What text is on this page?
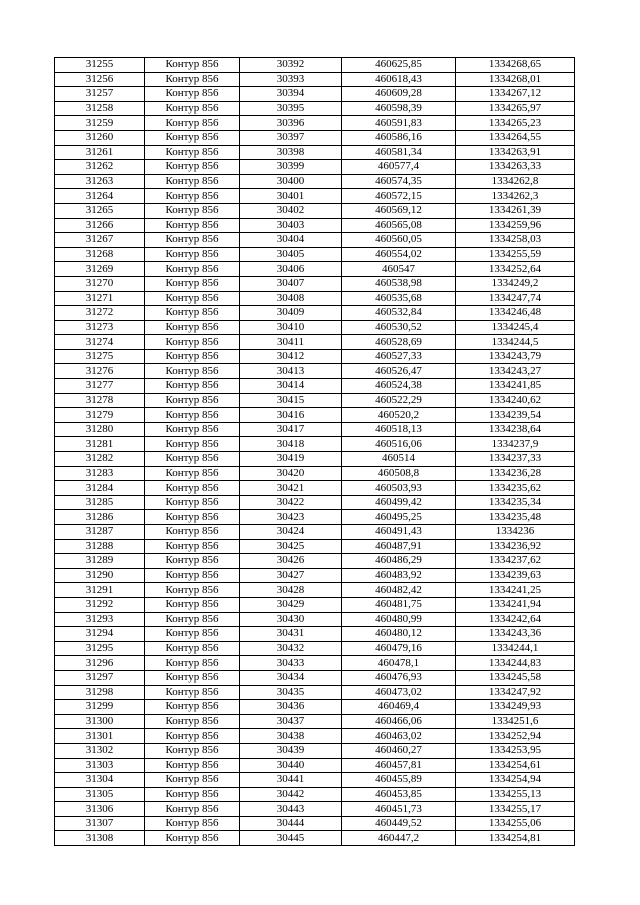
31255	Контур 856	30392	460625,85	1334268,65
31256	Контур 856	30393	460618,43	1334268,01
31257	Контур 856	30394	460609,28	1334267,12
31258	Контур 856	30395	460598,39	1334265,97
31259	Контур 856	30396	460591,83	1334265,23
31260	Контур 856	30397	460586,16	1334264,55
31261	Контур 856	30398	460581,34	1334263,91
31262	Контур 856	30399	460577,4	1334263,33
31263	Контур 856	30400	460574,35	1334262,8
31264	Контур 856	30401	460572,15	1334262,3
31265	Контур 856	30402	460569,12	1334261,39
31266	Контур 856	30403	460565,08	1334259,96
31267	Контур 856	30404	460560,05	1334258,03
31268	Контур 856	30405	460554,02	1334255,59
31269	Контур 856	30406	460547	1334252,64
31270	Контур 856	30407	460538,98	1334249,2
31271	Контур 856	30408	460535,68	1334247,74
31272	Контур 856	30409	460532,84	1334246,48
31273	Контур 856	30410	460530,52	1334245,4
31274	Контур 856	30411	460528,69	1334244,5
31275	Контур 856	30412	460527,33	1334243,79
31276	Контур 856	30413	460526,47	1334243,27
31277	Контур 856	30414	460524,38	1334241,85
31278	Контур 856	30415	460522,29	1334240,62
31279	Контур 856	30416	460520,2	1334239,54
31280	Контур 856	30417	460518,13	1334238,64
31281	Контур 856	30418	460516,06	1334237,9
31282	Контур 856	30419	460514	1334237,33
31283	Контур 856	30420	460508,8	1334236,28
31284	Контур 856	30421	460503,93	1334235,62
31285	Контур 856	30422	460499,42	1334235,34
31286	Контур 856	30423	460495,25	1334235,48
31287	Контур 856	30424	460491,43	1334236
31288	Контур 856	30425	460487,91	1334236,92
31289	Контур 856	30426	460486,29	1334237,62
31290	Контур 856	30427	460483,92	1334239,63
31291	Контур 856	30428	460482,42	1334241,25
31292	Контур 856	30429	460481,75	1334241,94
31293	Контур 856	30430	460480,99	1334242,64
31294	Контур 856	30431	460480,12	1334243,36
31295	Контур 856	30432	460479,16	1334244,1
31296	Контур 856	30433	460478,1	1334244,83
31297	Контур 856	30434	460476,93	1334245,58
31298	Контур 856	30435	460473,02	1334247,92
31299	Контур 856	30436	460469,4	1334249,93
31300	Контур 856	30437	460466,06	1334251,6
31301	Контур 856	30438	460463,02	1334252,94
31302	Контур 856	30439	460460,27	1334253,95
31303	Контур 856	30440	460457,81	1334254,61
31304	Контур 856	30441	460455,89	1334254,94
31305	Контур 856	30442	460453,85	1334255,13
31306	Контур 856	30443	460451,73	1334255,17
31307	Контур 856	30444	460449,52	1334255,06
31308	Контур 856	30445	460447,2	1334254,81
